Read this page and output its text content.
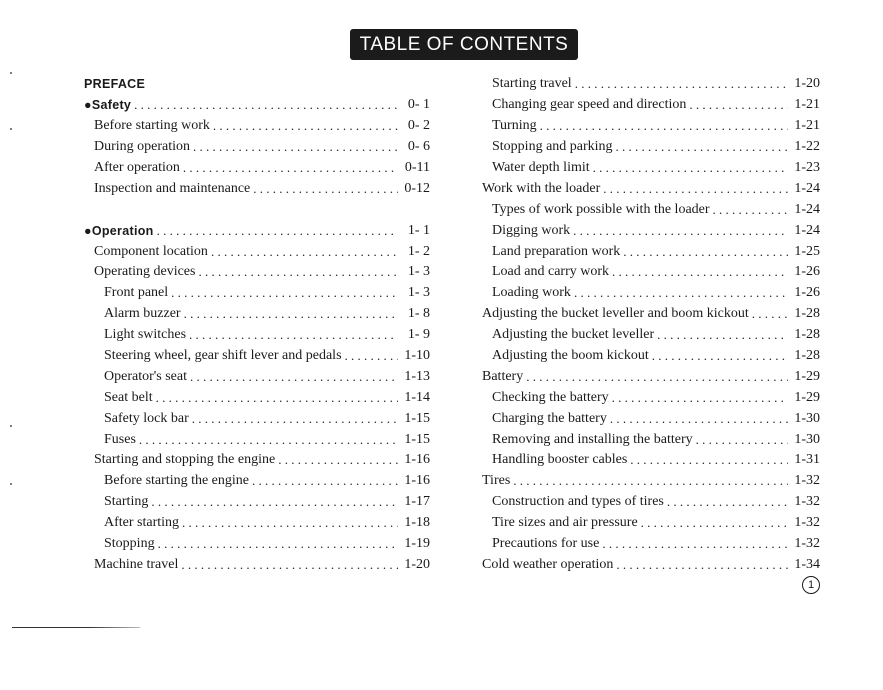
TABLE OF CONTENTS
PREFACE
●Safety . . .	0- 1
Before starting work . . .	0- 2
During operation . . .	0- 6
After operation . . .	0-11
Inspection and maintenance . . .	0-12
●Operation . . .	1- 1
Component location . . .	1- 2
Operating devices . . .	1- 3
Front panel . . .	1- 3
Alarm buzzer . . .	1- 8
Light switches . . .	1- 9
Steering wheel, gear shift lever and pedals . . .	1-10
Operator's seat . . .	1-13
Seat belt . . .	1-14
Safety lock bar . . .	1-15
Fuses . . .	1-15
Starting and stopping the engine . . .	1-16
Before starting the engine . . .	1-16
Starting . . .	1-17
After starting . . .	1-18
Stopping . . .	1-19
Machine travel . . .	1-20
Starting travel . . .	1-20
Changing gear speed and direction . . .	1-21
Turning . . .	1-21
Stopping and parking . . .	1-22
Water depth limit . . .	1-23
Work with the loader . . .	1-24
Types of work possible with the loader . . .	1-24
Digging work . . .	1-24
Land preparation work . . .	1-25
Load and carry work . . .	1-26
Loading work . . .	1-26
Adjusting the bucket leveller and boom kickout . . .	1-28
Adjusting the bucket leveller . . .	1-28
Adjusting the boom kickout . . .	1-28
Battery . . .	1-29
Checking the battery . . .	1-29
Charging the battery . . .	1-30
Removing and installing the battery . . .	1-30
Handling booster cables . . .	1-31
Tires . . .	1-32
Construction and types of tires . . .	1-32
Tire sizes and air pressure . . .	1-32
Precautions for use . . .	1-32
Cold weather operation . . .	1-34
1
